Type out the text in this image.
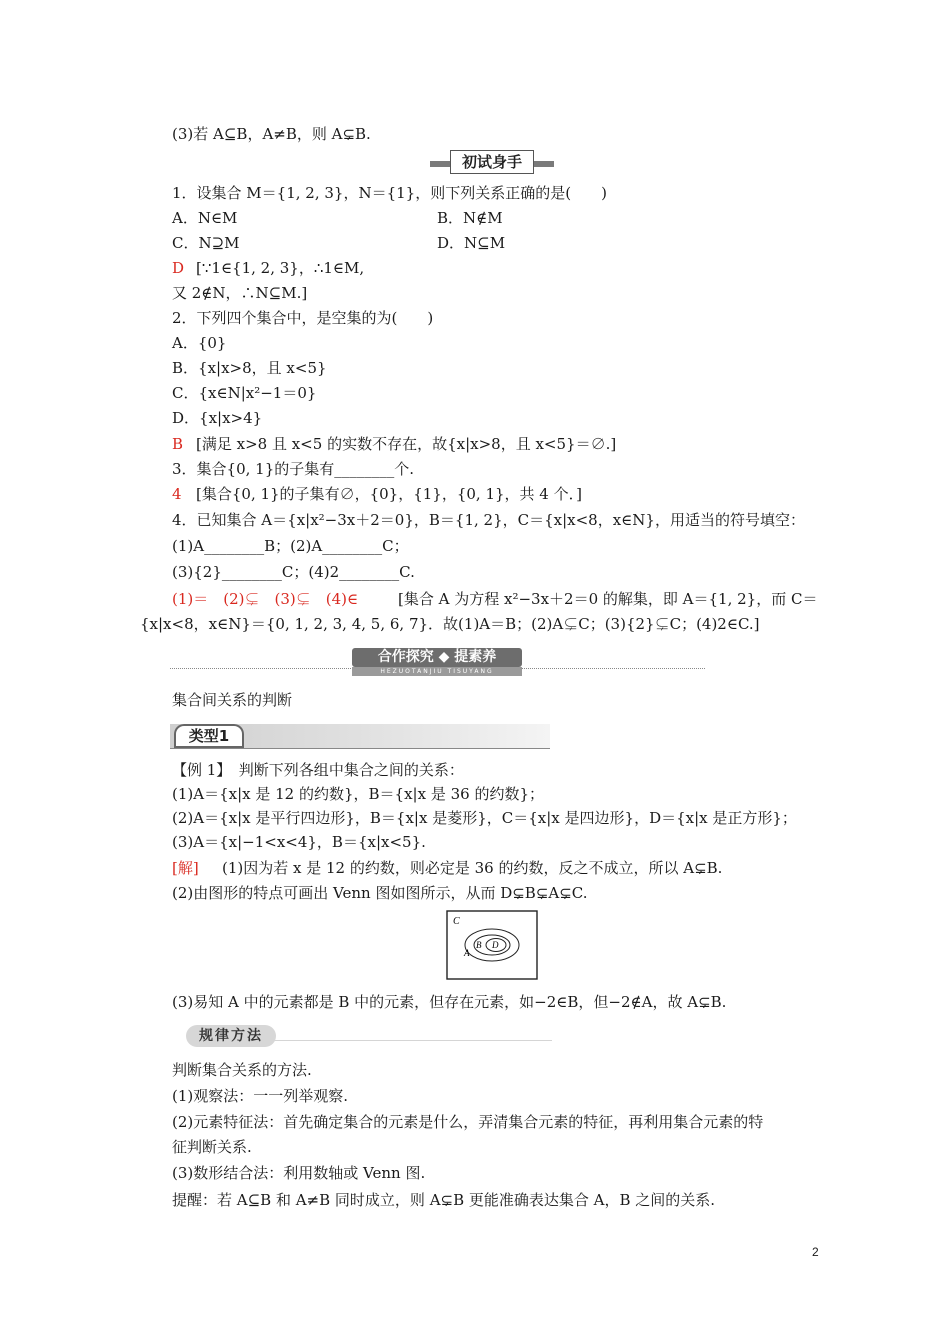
(3)若 A⊆B，A≠B，则 A⊊B.
初试身手
1．设集合 M＝{1, 2, 3}，N＝{1}，则下列关系正确的是(　　)
A．N∈M	B．N∉M
C．N⊇M	D．N⊆M
D [∵1∈{1, 2, 3}，∴1∈M,
又 2∉N，∴N⊆M.]
2．下列四个集合中，是空集的为(　　)
A．{0}
B．{x|x>8，且 x<5}
C．{x∈N|x²−1＝0}
D．{x|x>4}
B [满足 x>8 且 x<5 的实数不存在，故{x|x>8，且 x<5}＝∅.]
3．集合{0, 1}的子集有________个.
4 [集合{0, 1}的子集有∅，{0}，{1}，{0, 1}，共 4 个．]
4．已知集合 A＝{x|x²−3x＋2＝0}，B＝{1, 2}，C＝{x|x<8，x∈N}，用适当的符号填空：
(1)A________B；(2)A________C；
(3){2}________C；(4)2________C.
(1)＝　(2)⊊　(3)⊊　(4)∈	[集合 A 为方程 x²−3x＋2＝0 的解集，即 A＝{1, 2}，而 C＝
{x|x<8，x∈N}＝{0, 1, 2, 3, 4, 5, 6, 7}．故(1)A＝B；(2)A⊊C；(3){2}⊊C；(4)2∈C.]
合作探究 ◆ 提素养
HEZUOTANJIU TISUYANG
集合间关系的判断
类型1
【例 1】　判断下列各组中集合之间的关系：
(1)A＝{x|x 是 12 的约数}，B＝{x|x 是 36 的约数}；
(2)A＝{x|x 是平行四边形}，B＝{x|x 是菱形}，C＝{x|x 是四边形}，D＝{x|x 是正方形}；
(3)A＝{x|−1<x<4}，B＝{x|x<5}.
[解] (1)因为若 x 是 12 的约数，则必定是 36 的约数，反之不成立，所以 A⊊B.
(2)由图形的特点可画出 Venn 图如图所示，从而 D⊊B⊊A⊊C.
C
A
B D
(3)易知 A 中的元素都是 B 中的元素，但存在元素，如−2∈B，但−2∉A，故 A⊊B.
规律方法
判断集合关系的方法.
(1)观察法：一一列举观察.
(2)元素特征法：首先确定集合的元素是什么，弄清集合元素的特征，再利用集合元素的特
征判断关系.
(3)数形结合法：利用数轴或 Venn 图.
提醒：若 A⊆B 和 A≠B 同时成立，则 A⊊B 更能准确表达集合 A，B 之间的关系.
2
